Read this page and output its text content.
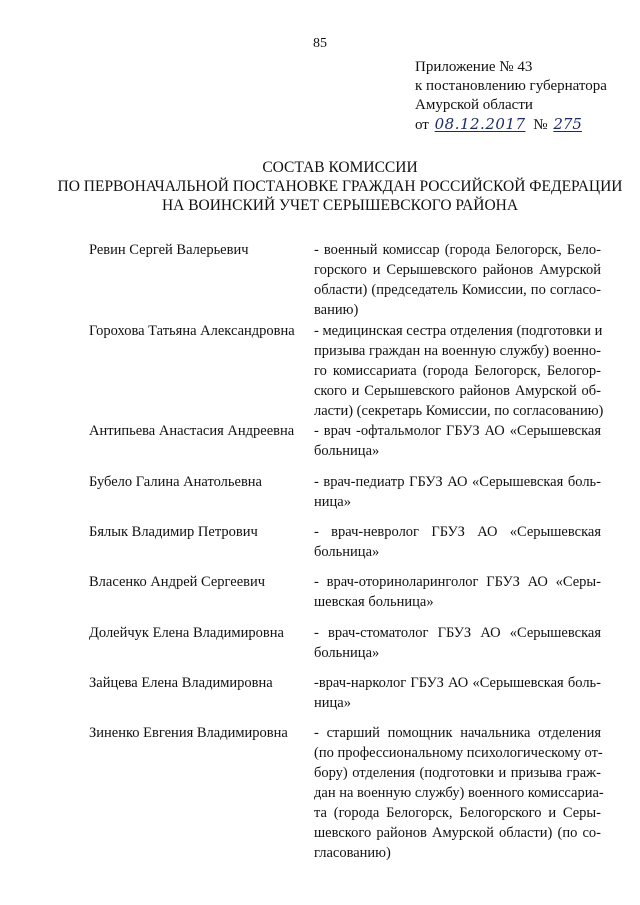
85
Приложение № 43
к постановлению губернатора
Амурской области
от 08.12.2017 № 275
СОСТАВ КОМИССИИ
ПО ПЕРВОНАЧАЛЬНОЙ ПОСТАНОВКЕ ГРАЖДАН РОССИЙСКОЙ ФЕДЕРАЦИИ
НА ВОИНСКИЙ УЧЕТ СЕРЫШЕВСКОГО РАЙОНА
Ревин Сергей Валерьевич	- военный комиссар (города Белогорск, Бело-
горского и Серышевского районов Амурской
области) (председатель Комиссии, по согласо-
ванию)
Горохова Татьяна Александровна	- медицинская сестра отделения (подготовки и
призыва граждан на военную службу) военно-
го комиссариата (города Белогорск, Белогор-
ского и Серышевского районов Амурской об-
ласти) (секретарь Комиссии, по согласованию)
Антипьева Анастасия Андреевна	- врач -офтальмолог ГБУЗ АО «Серышевская
больница»
Бубело Галина Анатольевна	- врач-педиатр ГБУЗ АО «Серышевская боль-
ница»
Бялык Владимир Петрович	- врач-невролог ГБУЗ АО «Серышевская
больница»
Власенко Андрей Сергеевич	- врач-оториноларинголог ГБУЗ АО «Серы-
шевская больница»
Долейчук Елена Владимировна	- врач-стоматолог ГБУЗ АО «Серышевская
больница»
Зайцева Елена Владимировна	-врач-нарколог ГБУЗ АО «Серышевская боль-
ница»
Зиненко Евгения Владимировна	- старший помощник начальника отделения
(по профессиональному психологическому от-
бору) отделения (подготовки и призыва граж-
дан на военную службу) военного комиссариа-
та (города Белогорск, Белогорского и Серы-
шевского районов Амурской области) (по со-
гласованию)
